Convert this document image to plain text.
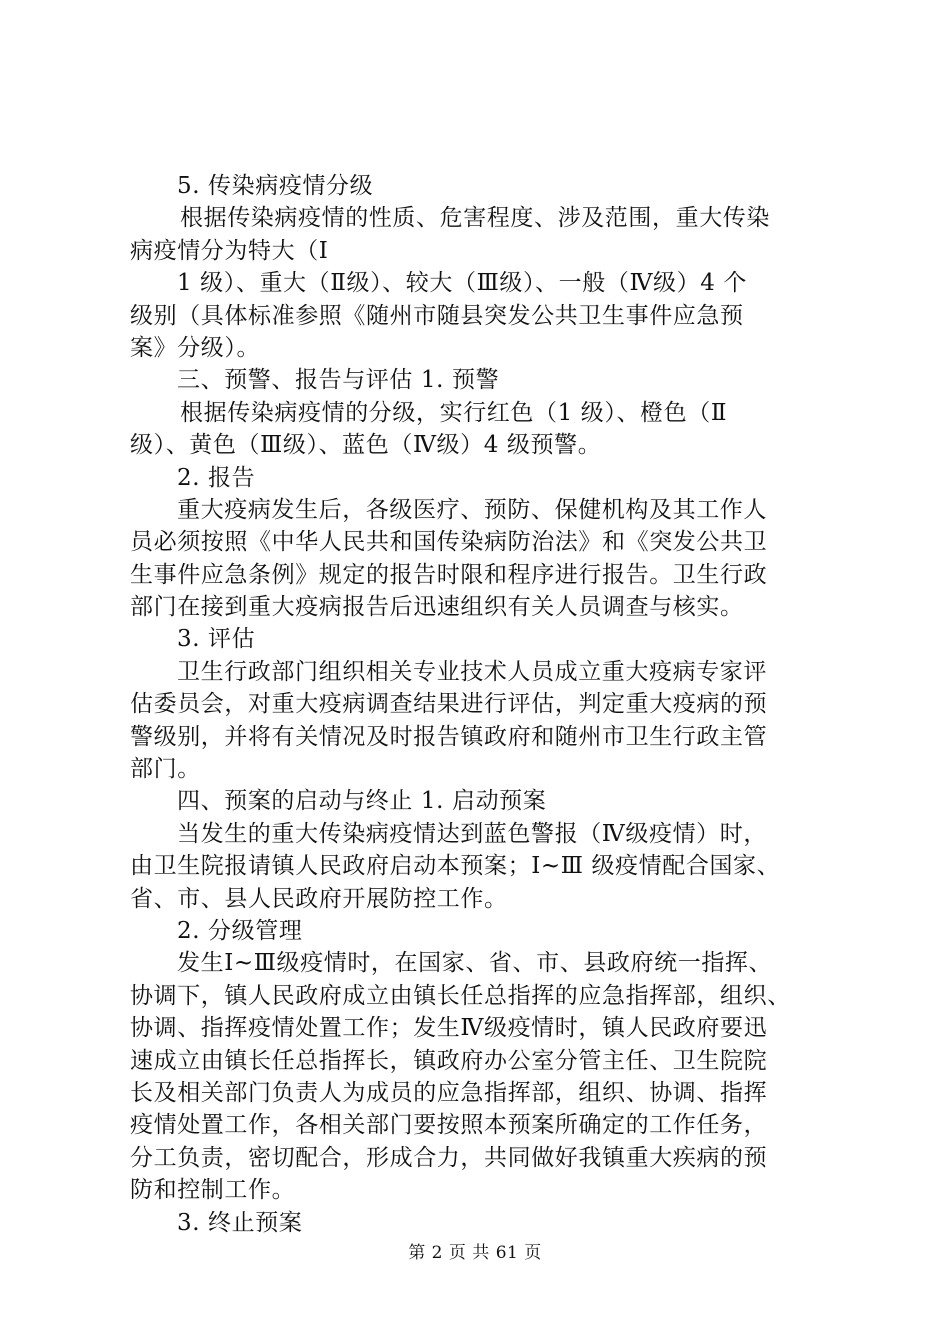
5. 传染病疫情分级
根据传染病疫情的性质、危害程度、涉及范围，重大传染
病疫情分为特大（Ⅰ
1 级）、重大（Ⅱ级）、较大（Ⅲ级）、一般（Ⅳ级）4 个
级别（具体标准参照《随州市随县突发公共卫生事件应急预
案》分级）。
三、预警、报告与评估 1. 预警
根据传染病疫情的分级，实行红色（1 级）、橙色（Ⅱ
级）、黄色（Ⅲ级）、蓝色（Ⅳ级）4 级预警。
2. 报告
重大疫病发生后，各级医疗、预防、保健机构及其工作人
员必须按照《中华人民共和国传染病防治法》和《突发公共卫
生事件应急条例》规定的报告时限和程序进行报告。卫生行政
部门在接到重大疫病报告后迅速组织有关人员调查与核实。
3. 评估
卫生行政部门组织相关专业技术人员成立重大疫病专家评
估委员会，对重大疫病调查结果进行评估，判定重大疫病的预
警级别，并将有关情况及时报告镇政府和随州市卫生行政主管
部门。
四、预案的启动与终止 1. 启动预案
当发生的重大传染病疫情达到蓝色警报（Ⅳ级疫情）时，
由卫生院报请镇人民政府启动本预案；Ⅰ~Ⅲ 级疫情配合国家、
省、市、县人民政府开展防控工作。
2. 分级管理
发生Ⅰ~Ⅲ级疫情时，在国家、省、市、县政府统一指挥、
协调下，镇人民政府成立由镇长任总指挥的应急指挥部，组织、
协调、指挥疫情处置工作；发生Ⅳ级疫情时，镇人民政府要迅
速成立由镇长任总指挥长，镇政府办公室分管主任、卫生院院
长及相关部门负责人为成员的应急指挥部，组织、协调、指挥
疫情处置工作，各相关部门要按照本预案所确定的工作任务，
分工负责，密切配合，形成合力，共同做好我镇重大疾病的预
防和控制工作。
3. 终止预案
第 2 页 共 61 页
